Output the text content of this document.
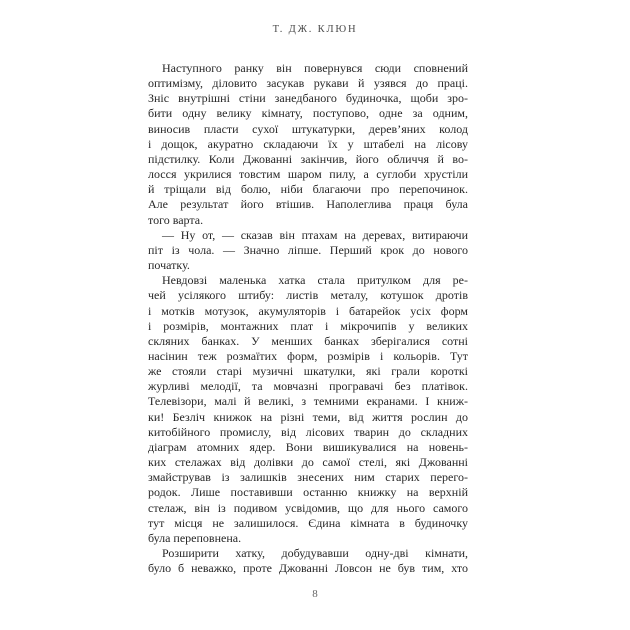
Т. ДЖ. КЛЮН
Наступного ранку він повернувся сюди сповнений
оптимізму, діловито засукав рукави й узявся до праці.
Зніс внутрішні стіни занедбаного будиночка, щоби зро-
бити одну велику кімнату, поступово, одне за одним,
виносив пласти сухої штукатурки, дерев’яних колод
і дощок, акуратно складаючи їх у штабелі на лісову
підстилку. Коли Джованні закінчив, його обличчя й во-
лосся укрилися товстим шаром пилу, а суглоби хрустіли
й тріщали від болю, ніби благаючи про перепочинок.
Але результат його втішив. Наполеглива праця була
того варта.
— Ну от, — сказав він птахам на деревах, витираючи
піт із чола. — Значно ліпше. Перший крок до нового
початку.
Невдовзі маленька хатка стала притулком для ре-
чей усілякого штибу: листів металу, котушок дротів
і мотків мотузок, акумуляторів і батарейок усіх форм
і розмірів, монтажних плат і мікрочипів у великих
скляних банках. У менших банках зберігалися сотні
насінин теж розмаїтих форм, розмірів і кольорів. Тут
же стояли старі музичні шкатулки, які грали короткі
журливі мелодії, та мовчазні програвачі без платівок.
Телевізори, малі й великі, з темними екранами. І книж-
ки! Безліч книжок на різні теми, від життя рослин до
китобійного промислу, від лісових тварин до складних
діаграм атомних ядер. Вони вишикувалися на новень-
ких стелажах від долівки до самої стелі, які Джованні
змайстрував із залишків знесених ним старих перего-
родок. Лише поставивши останню книжку на верхній
стелаж, він із подивом усвідомив, що для нього самого
тут місця не залишилося. Єдина кімната в будиночку
була переповнена.
Розширити хатку, добудувавши одну-дві кімнати,
було б неважко, проте Джованні Ловсон не був тим, хто
8
